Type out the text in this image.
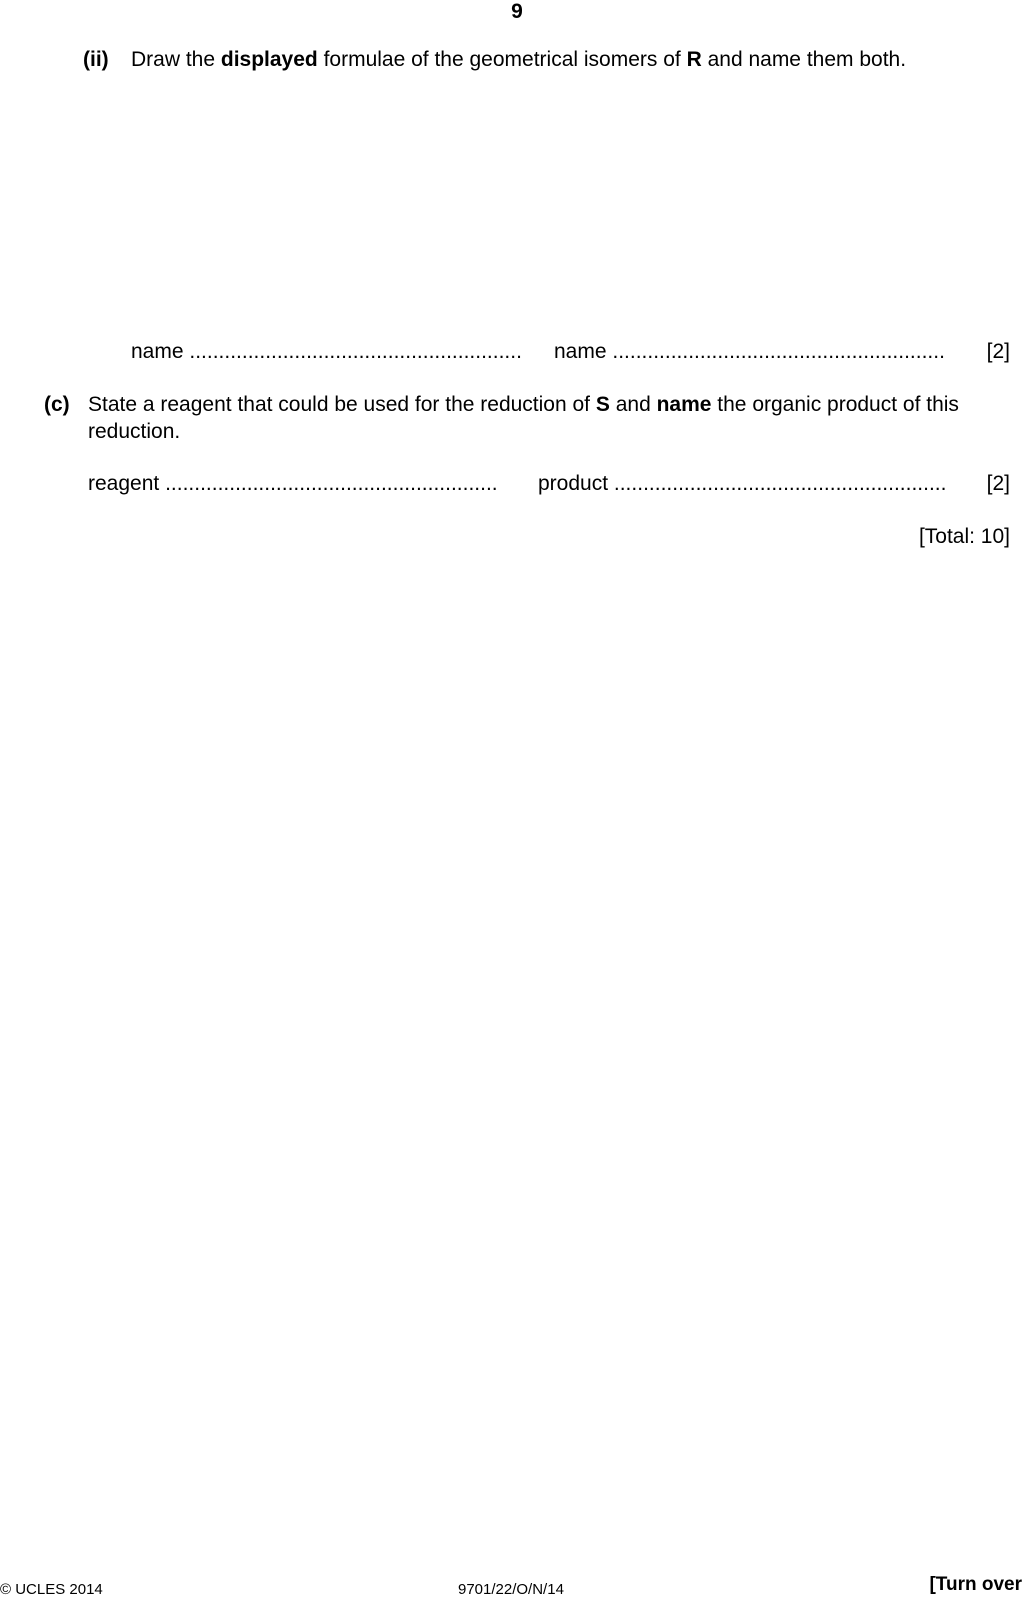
9
(ii) Draw the displayed formulae of the geometrical isomers of R and name them both.
name ......................................................... name ......................................................... [2]
(c) State a reagent that could be used for the reduction of S and name the organic product of this
reduction.
reagent ......................................................... product ......................................................... [2]
[Total: 10]
© UCLES 2014	9701/22/O/N/14	[Turn over
